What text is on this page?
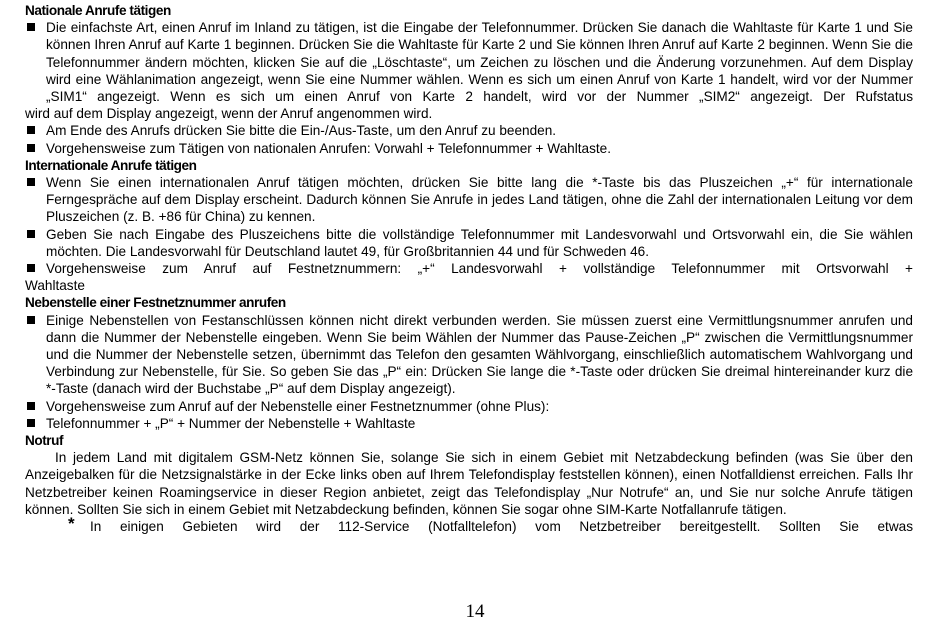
Nationale Anrufe tätigen

Die einfachste Art, einen Anruf im Inland zu tätigen, ist die Eingabe der Telefonnummer. Drücken Sie danach die Wahltaste für Karte 1 und Sie können Ihren Anruf auf Karte 1 beginnen. Drücken Sie die Wahltaste für Karte 2 und Sie können Ihren Anruf auf Karte 2 beginnen. Wenn Sie die Telefonnummer ändern möchten, klicken Sie auf die „Löschtaste“, um Zeichen zu löschen und die Änderung vorzunehmen. Auf dem Display wird eine Wählanimation angezeigt, wenn Sie eine Nummer wählen. Wenn es sich um einen Anruf von Karte 1 handelt, wird vor der Nummer „SIM1“ angezeigt. Wenn es sich um einen Anruf von Karte 2 handelt, wird vor der Nummer „SIM2“ angezeigt. Der Rufstatus

wird auf dem Display angezeigt, wenn der Anruf angenommen wird.

Am Ende des Anrufs drücken Sie bitte die Ein-/Aus-Taste, um den Anruf zu beenden.

Vorgehensweise zum Tätigen von nationalen Anrufen: Vorwahl + Telefonnummer + Wahltaste.

Internationale Anrufe tätigen

Wenn Sie einen internationalen Anruf tätigen möchten, drücken Sie bitte lang die *-Taste bis das Pluszeichen „+“ für internationale Ferngespräche auf dem Display erscheint. Dadurch können Sie Anrufe in jedes Land tätigen, ohne die Zahl der internationalen Leitung vor dem Pluszeichen (z. B. +86 für China) zu kennen.

Geben Sie nach Eingabe des Pluszeichens bitte die vollständige Telefonnummer mit Landesvorwahl und Ortsvorwahl ein, die Sie wählen möchten. Die Landesvorwahl für Deutschland lautet 49, für Großbritannien 44 und für Schweden 46.

Vorgehensweise zum Anruf auf Festnetznummern: „+“ Landesvorwahl + vollständige Telefonnummer mit Ortsvorwahl +

Wahltaste

Nebenstelle einer Festnetznummer anrufen

Einige Nebenstellen von Festanschlüssen können nicht direkt verbunden werden. Sie müssen zuerst eine Vermittlungsnummer anrufen und dann die Nummer der Nebenstelle eingeben. Wenn Sie beim Wählen der Nummer das Pause-Zeichen „P“ zwischen die Vermittlungsnummer und die Nummer der Nebenstelle setzen, übernimmt das Telefon den gesamten Wählvorgang, einschließlich automatischem Wahlvorgang und Verbindung zur Nebenstelle, für Sie. So geben Sie das „P“ ein: Drücken Sie lange die *-Taste oder drücken Sie dreimal hintereinander kurz die *-Taste (danach wird der Buchstabe „P“ auf dem Display angezeigt).

Vorgehensweise zum Anruf auf der Nebenstelle einer Festnetznummer (ohne Plus):

Telefonnummer + „P“ + Nummer der Nebenstelle + Wahltaste

Notruf

In jedem Land mit digitalem GSM-Netz können Sie, solange Sie sich in einem Gebiet mit Netzabdeckung befinden (was Sie über den Anzeigebalken für die Netzsignalstärke in der Ecke links oben auf Ihrem Telefondisplay feststellen können), einen Notfalldienst erreichen. Falls Ihr Netzbetreiber keinen Roamingservice in dieser Region anbietet, zeigt das Telefondisplay „Nur Notrufe“ an, und Sie nur solche Anrufe tätigen können. Sollten Sie sich in einem Gebiet mit Netzabdeckung befinden, können Sie sogar ohne SIM-Karte Notfallanrufe tätigen.

* In einigen Gebieten wird der 112-Service (Notfalltelefon) vom Netzbetreiber bereitgestellt. Sollten Sie etwas

14
